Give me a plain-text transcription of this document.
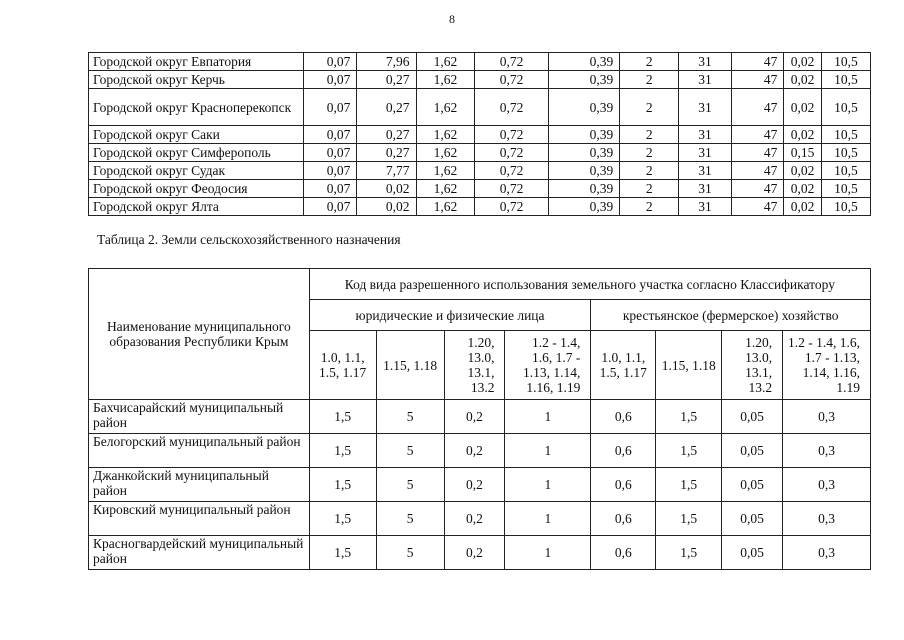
8
Городской округ Евпатория	0,07	7,96	1,62	0,72	0,39	2	31	47	0,02	10,5
Городской округ Керчь	0,07	0,27	1,62	0,72	0,39	2	31	47	0,02	10,5
Городской округ Красноперекопск	0,07	0,27	1,62	0,72	0,39	2	31	47	0,02	10,5
Городской округ Саки	0,07	0,27	1,62	0,72	0,39	2	31	47	0,02	10,5
Городской округ Симферополь	0,07	0,27	1,62	0,72	0,39	2	31	47	0,15	10,5
Городской округ Судак	0,07	7,77	1,62	0,72	0,39	2	31	47	0,02	10,5
Городской округ Феодосия	0,07	0,02	1,62	0,72	0,39	2	31	47	0,02	10,5
Городской округ Ялта	0,07	0,02	1,62	0,72	0,39	2	31	47	0,02	10,5
Таблица 2. Земли сельскохозяйственного назначения
Наименование муниципального образования Республики Крым	Код вида разрешенного использования земельного участка согласно Классификатору							
	юридические и физические лица				крестьянское (фермерское) хозяйство			
	1.0, 1.1, 1.5, 1.17	1.15, 1.18	1.20, 13.0, 13.1, 13.2	1.2 - 1.4, 1.6, 1.7 - 1.13, 1.14, 1.16, 1.19	1.0, 1.1, 1.5, 1.17	1.15, 1.18	1.20, 13.0, 13.1, 13.2	1.2 - 1.4, 1.6, 1.7 - 1.13, 1.14, 1.16, 1.19
Бахчисарайский муниципальный район	1,5	5	0,2	1	0,6	1,5	0,05	0,3
Белогорский муниципальный район	1,5	5	0,2	1	0,6	1,5	0,05	0,3
Джанкойский муниципальный район	1,5	5	0,2	1	0,6	1,5	0,05	0,3
Кировский муниципальный район	1,5	5	0,2	1	0,6	1,5	0,05	0,3
Красногвардейский муниципальный район	1,5	5	0,2	1	0,6	1,5	0,05	0,3
